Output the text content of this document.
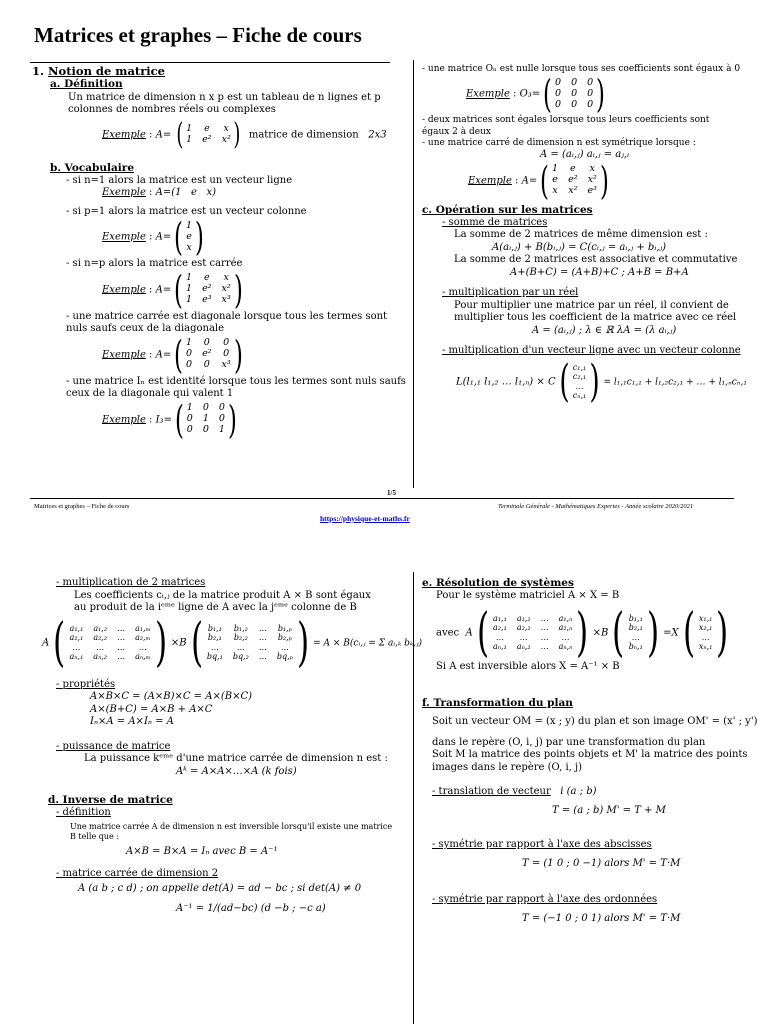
Matrices et graphes – Fiche de cours
1. Notion de matrice
a. Définition
Un matrice de dimension n x p est un tableau de n lignes et p
colonnes de nombres réels ou complexes
Exemple : A= ( 1 e x
1 e² x² ) matrice de dimension   2x3
b. Vocabulaire
- si n=1 alors la matrice est un vecteur ligne
Exemple : A=(1   e   x)
- si p=1 alors la matrice est un vecteur colonne
Exemple : A= ( 1
e
x )
- si n=p alors la matrice est carrée
Exemple : A= ( 1 e x
1 e² x²
1 e³ x³ )
- une matrice carrée est diagonale lorsque tous les termes sont
nuls saufs ceux de la diagonale
Exemple : A= ( 1 0 0
0 e² 0
0 0 x³ )
- une matrice Iₙ est identité lorsque tous les termes sont nuls saufs
ceux de la diagonale qui valent 1
Exemple : I₃= ( 1 0 0
0 1 0
0 0 1 )
- une matrice Oₙ est nulle lorsque tous ses coefficients sont égaux à 0
Exemple : O₃= ( 0 0 0
0 0 0
0 0 0 )
- deux matrices sont égales lorsque tous leurs coefficients sont
égaux 2 à deux
- une matrice carré de dimension n est symétrique lorsque :
A = (aᵢ,ⱼ) aᵢ,ⱼ = aⱼ,ᵢ
Exemple : A= ( 1 e x
e e² x²
x x² e³ )
c. Opération sur les matrices
- somme de matrices
La somme de 2 matrices de même dimension est :
A(aᵢ,ⱼ) + B(bᵢ,ⱼ) = C(cᵢ,ⱼ = aᵢ,ⱼ + bᵢ,ⱼ)
La somme de 2 matrices est associative et commutative
A+(B+C) = (A+B)+C ; A+B = B+A
- multiplication par un réel
Pour multiplier une matrice par un réel, il convient de
multiplier tous les coefficient de la matrice avec ce réel
A = (aᵢ,ⱼ) ; λ ∈ ℝ λA = (λ aᵢ,ⱼ)
- multiplication d'un vecteur ligne avec un vecteur colonne
L(l₁,₁ l₁,₂ … l₁,ₙ) × C ( c₁,₁
c₂,₁
…
cₙ,₁ ) = l₁,₁c₁,₁ + l₁,₂c₂,₁ + … + l₁,ₙcₙ,₁
Matrices et graphes – Fiche de cours
1/5
Terminale Générale - Mathématiques Expertes - Année scolaire 2020/2021
https://physique-et-maths.fr
- multiplication de 2 matrices
Les coefficients cᵢ,ⱼ de la matrice produit A × B sont égaux
au produit de la iᵉᵐᵉ ligne de A avec la jᵉᵐᵉ colonne de B
A ( a₁,₁ a₁,₂ … a₁,ₘ
a₂,₁ a₂,₂ … a₂,ₘ
…	…	…	…
aₙ,₁ aₙ,₂ … aₙ,ₘ ) ×B ( b₁,₁ b₁,₂ … b₁,ₚ
b₂,₁ b₂,₂ … b₂,ₚ
…	…	…	…
bq,₁ bq,₂ … bq,ₚ ) = A × B(cᵢ,ⱼ = Σ aᵢ,ₖ bₖ,ⱼ)
- propriétés
A×B×C = (A×B)×C = A×(B×C)
A×(B+C) = A×B + A×C
Iₙ×A = A×Iₙ = A
- puissance de matrice
La puissance kᵉᵐᵉ d'une matrice carrée de dimension n est :
Aᵏ = A×A×…×A (k fois)
d. Inverse de matrice
- définition
Une matrice carrée A de dimension n est inversible lorsqu'il existe une matrice
B telle que :
A×B = B×A = Iₙ avec B = A⁻¹
- matrice carrée de dimension 2
A (a b ; c d) ; on appelle det(A) = ad − bc ; si det(A) ≠ 0
A⁻¹ = 1/(ad−bc) (d −b ; −c a)
e. Résolution de systèmes
Pour le système matriciel A × X = B
avec A ( a₁,₁ a₁,₂ … a₁,ₙ
a₂,₁ a₂,₂ … a₂,ₙ
…	…	…	…
aₙ,₁ aₙ,₂ … aₙ,ₙ ) ×B ( b₁,₁
b₂,₁
…
bₙ,₁ ) =X ( x₁,₁
x₂,₁
…
xₙ,₁ )
Si A est inversible alors X = A⁻¹ × B
f. Transformation du plan
Soit un vecteur OM = (x ; y) du plan et son image OM' = (x' ; y')
dans le repère (O, i, j) par une transformation du plan
Soit M la matrice des points objets et M' la matrice des points
images dans le repère (O, i, j)
- translation de vecteur i (a ; b)
T = (a ; b) M' = T + M
- symétrie par rapport à l'axe des abscisses
T = (1 0 ; 0 −1) alors M' = T·M
- symétrie par rapport à l'axe des ordonnées
T = (−1 0 ; 0 1) alors M' = T·M
